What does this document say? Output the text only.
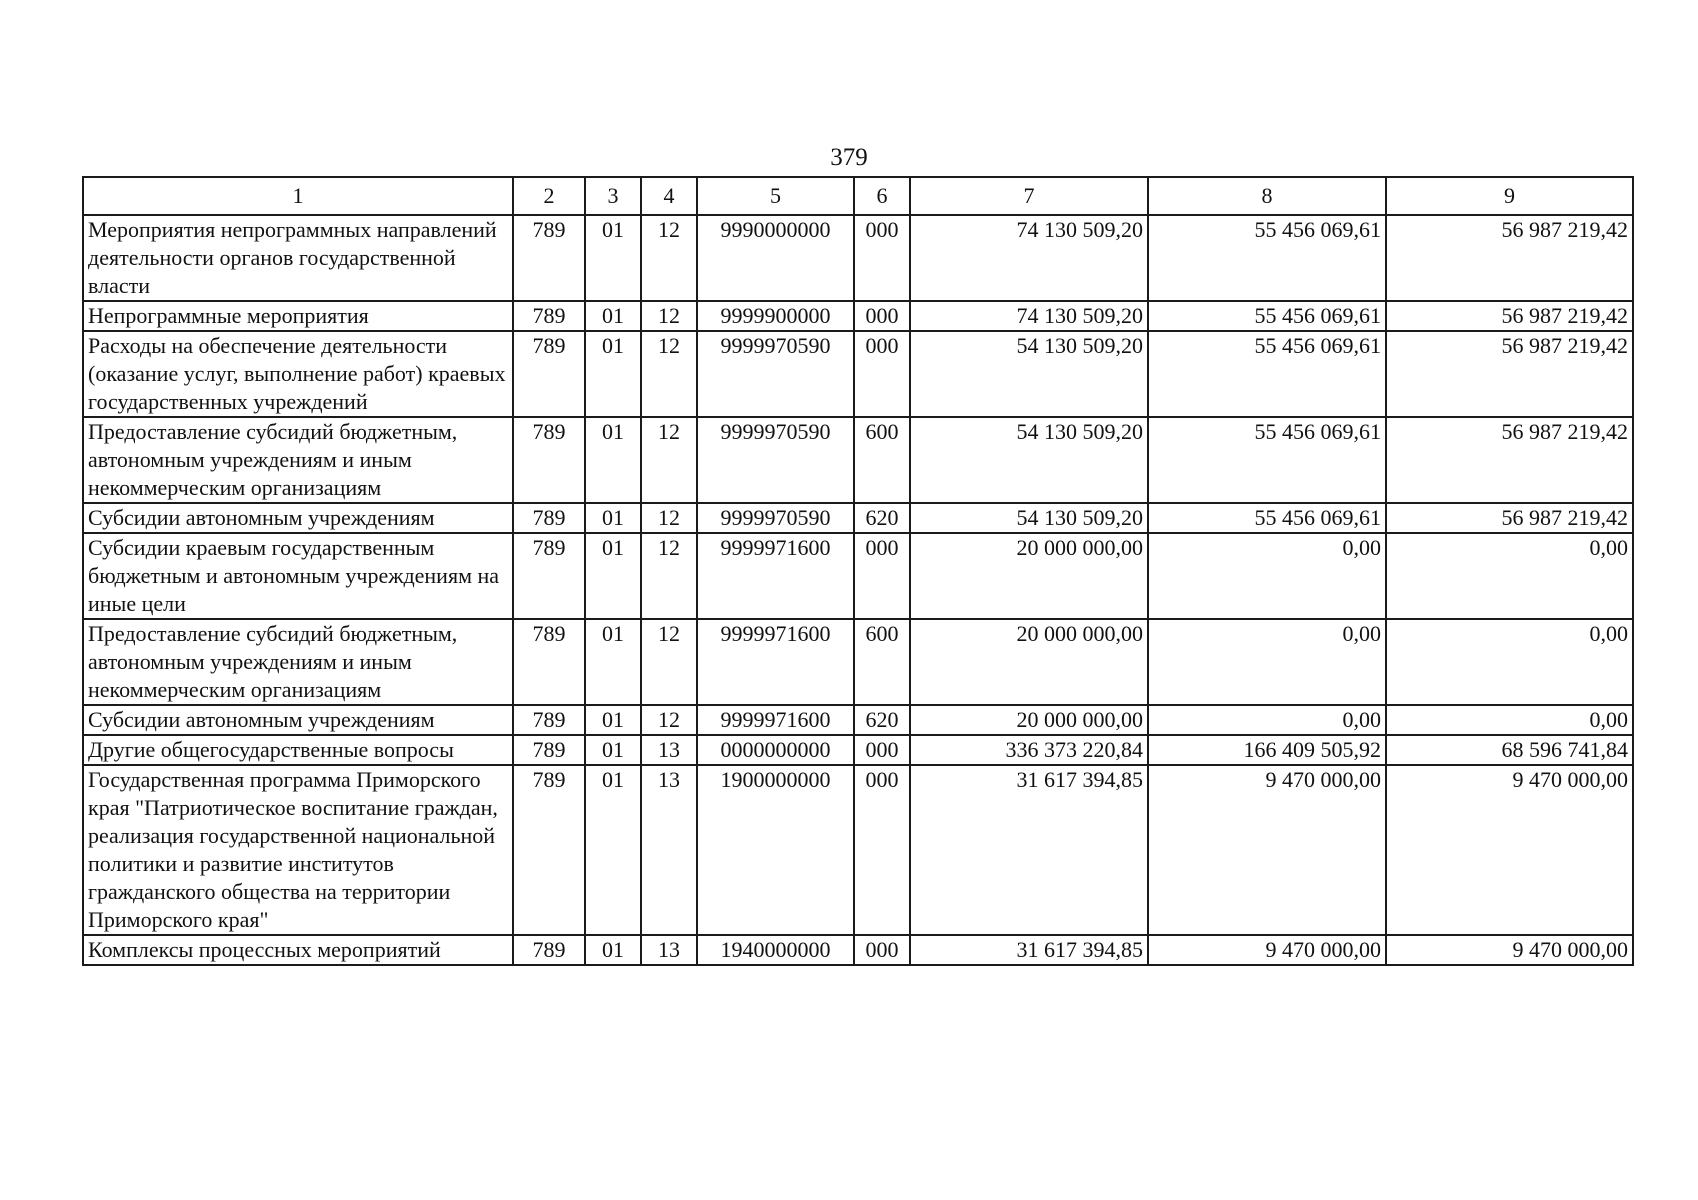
379
1	2	3	4	5	6	7	8	9
Мероприятия непрограммных направлений деятельности органов государственной власти	789	01	12	9990000000	000	74 130 509,20	55 456 069,61	56 987 219,42
Непрограммные мероприятия	789	01	12	9999900000	000	74 130 509,20	55 456 069,61	56 987 219,42
Расходы на обеспечение деятельности (оказание услуг, выполнение работ) краевых государственных учреждений	789	01	12	9999970590	000	54 130 509,20	55 456 069,61	56 987 219,42
Предоставление субсидий бюджетным, автономным учреждениям и иным некоммерческим организациям	789	01	12	9999970590	600	54 130 509,20	55 456 069,61	56 987 219,42
Субсидии автономным учреждениям	789	01	12	9999970590	620	54 130 509,20	55 456 069,61	56 987 219,42
Субсидии краевым государственным бюджетным и автономным учреждениям на иные цели	789	01	12	9999971600	000	20 000 000,00	0,00	0,00
Предоставление субсидий бюджетным, автономным учреждениям и иным некоммерческим организациям	789	01	12	9999971600	600	20 000 000,00	0,00	0,00
Субсидии автономным учреждениям	789	01	12	9999971600	620	20 000 000,00	0,00	0,00
Другие общегосударственные вопросы	789	01	13	0000000000	000	336 373 220,84	166 409 505,92	68 596 741,84
Государственная программа Приморского края "Патриотическое воспитание граждан, реализация государственной национальной политики и развитие институтов гражданского общества на территории Приморского края"	789	01	13	1900000000	000	31 617 394,85	9 470 000,00	9 470 000,00
Комплексы процессных мероприятий	789	01	13	1940000000	000	31 617 394,85	9 470 000,00	9 470 000,00
